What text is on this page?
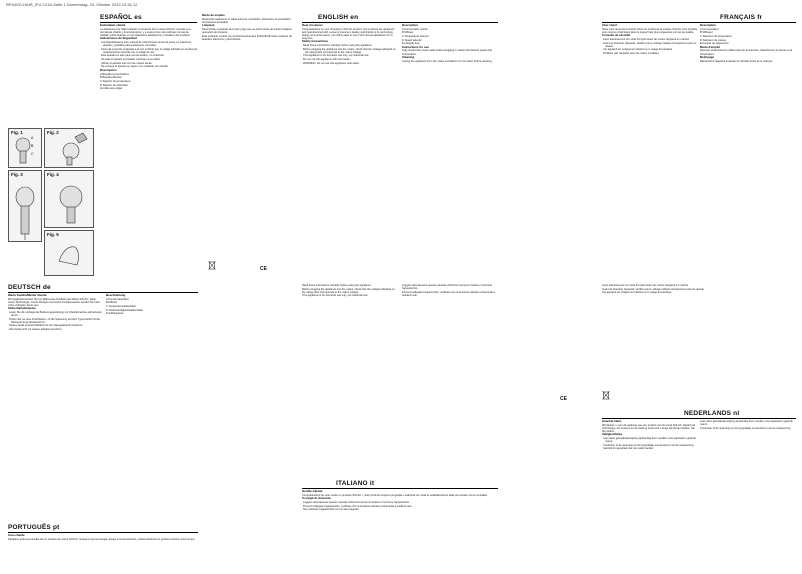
RP44VG-HAIR_IFU LV1A-Seite 1 Donnerstag, 24. Oktober 2019 12:34 12
ESPAÑOL es

Estimada/o cliente

Le felicitamos por haber elegido un producto de la marca SOLAC. Gracias a su tecnología, diseño y funcionamiento, y a superar las más estrictas normas de calidad, podrá obtener un uso totalmente satisfactorio y duradero del producto.

Indicaciones de Seguridad

Lea detenidamente este manual de instrucciones antes de poner en marcha el aparato y guárdelo para posteriores consultas.

Antes de conectar el aparato a la red, verificar que el voltaje indicado en la placa de características coincide con el voltaje de red.

Este aparato es sólo para uso doméstico, no industrial.

No deje el aparato enchufado mientras no se utilice.

Utilizar el aparato solo con las manos secas.

No sumerja el aparato en agua ni en cualquier otro líquido.

Descripción

A Boquilla concentradora

B Boquilla difusora

C Selector de temperatura

D Selector de velocidad

E Anilla para colgar

Modo de empleo

Desenrolle totalmente el cable antes de enchufarlo. Seleccione la velocidad y temperatura deseadas.

Limpieza

Desenchufe el aparato de la red y deje que se enfríe antes de iniciar cualquier operación de limpieza.

Este producto cumple con la Directiva Europea 2012/19/UE sobre residuos de aparatos eléctricos y electrónicos.

Fig. 1
A
B
C
Fig. 2
Fig. 3	Fig. 4
Fig. 5
ENGLISH en

Dear Customer

Congratulations on your choosing a SOLAC product. Our products are designed and manufactured with a view to maximum quality, and thanks to its technology, design and performance, you will be able to use it with utmost satisfaction for a long time.

Safety Instructions

Read these instructions carefully before using the appliance.

Before plugging the appliance into the mains, check that the voltage indicated on the rating plate corresponds to the mains voltage.

This appliance is for domestic use only, not industrial use.

Do not use the appliance with wet hands.

WARNING: Do not use this appliance near water.

Description

A Concentrator nozzle

B Diffuser

C Temperature selector

D Speed selector

E Hanging loop

Instructions for use

Fully unwind the power cable before plugging in. Select the desired speed and temperature.

Cleaning

Unplug the appliance from the mains and allow it to cool down before cleaning.

FRANÇAIS fr

Cher client

Nous vous remercions d'avoir choisi un produit de la marque SOLAC. Nos produits sont conçus et fabriqués dans le respect des plus exigeantes normes de qualité.

Conseils de sécurité

Lisez attentivement ce mode d'emploi avant de mettre l'appareil en marche.

Avant de brancher l'appareil, vérifiez que le voltage indiqué correspond à celui du réseau.

Cet appareil est uniquement destiné à un usage domestique.

N'utilisez pas l'appareil avec les mains mouillées.

Description

A Concentrateur

B Diffuseur

C Sélecteur de température

D Sélecteur de vitesse

E Anneau de suspension

Mode d'emploi

Déroulez entièrement le câble avant de le brancher. Sélectionnez la vitesse et la température.

Nettoyage

Débranchez l'appareil et laissez-le refroidir avant de le nettoyer.

DEUTSCH de

Werte Kundin/Werter Kunde

Wir beglückwünschen Sie zur Wahl eines Produkts der Marke SOLAC. Dank seiner Technologie, seines Designs und seiner Funktionsweise werden Sie viele Jahre zufrieden damit sein.

Sicherheitshinweise

Lesen Sie die vorliegende Bedienungsanleitung vor Inbetriebnahme aufmerksam durch.

Prüfen Sie vor dem Anschließen, ob die Spannung auf dem Typenschild mit der Netzspannung übereinstimmt.

Dieses Gerät ist ausschließlich für den Hausgebrauch bestimmt.

Das Gerät nicht mit nassen Händen benutzen.

Beschreibung

A Konzentratordüse

B Diffusor

C Temperaturwahlschalter

D Geschwindigkeitswahlschalter

E Aufhängeöse

ITALIANO it

Gentile Cliente,

Congratulazioni per aver scelto un prodotto SOLAC. I nostri prodotti vengono progettati e realizzati con vista al soddisfacimento delle più elevate norme di qualità.

Consigli di sicurezza

Leggere attentamente questo manuale d'istruzioni prima di mettere in funzione l'apparecchio.

Prima di collegare l'apparecchio, verificare che la tensione indicata corrisponda a quella di rete.

Non utilizzare l'apparecchio con le mani bagnate.

Read these instructions carefully before using the appliance.

Before plugging the appliance into the mains, check that the voltage indicated on the rating plate corresponds to the mains voltage.

This appliance is for domestic use only, not industrial use.

Leggere attentamente questo manuale d'istruzioni prima di mettere in funzione l'apparecchio.

Prima di collegare l'apparecchio, verificare che la tensione indicata corrisponda a quella di rete.

NEDERLANDS nl

Geachte klant,

Wij danken u voor de aankoop van een product van het merk SOLAC. Dankzij de technologie, het ontwerp en de werking ervan zult u lange tijd plezier hebben van dit product.

Veiligheidstips

Lees deze gebruiksaanwijzing aandachtig door voordat u het apparaat in gebruik neemt.

Controleer of de spanning op het typeplaatje overeenkomt met de netspanning.

Gebruik het apparaat niet met natte handen.

Lees deze gebruiksaanwijzing aandachtig door voordat u het apparaat in gebruik neemt.

Controleer of de spanning op het typeplaatje overeenkomt met de netspanning.

Lisez attentivement ce mode d'emploi avant de mettre l'appareil en marche.

Avant de brancher l'appareil, vérifiez que le voltage indiqué correspond à celui du réseau.

Cet appareil est uniquement destiné à un usage domestique.

PORTUGUÊS pt

Caro cliente

Parabéns pela sua escolha de um produto da marca SOLAC. Graças à sua tecnologia, design e funcionamento, poderá desfrutar do produto durante muito tempo.

CE
CE
